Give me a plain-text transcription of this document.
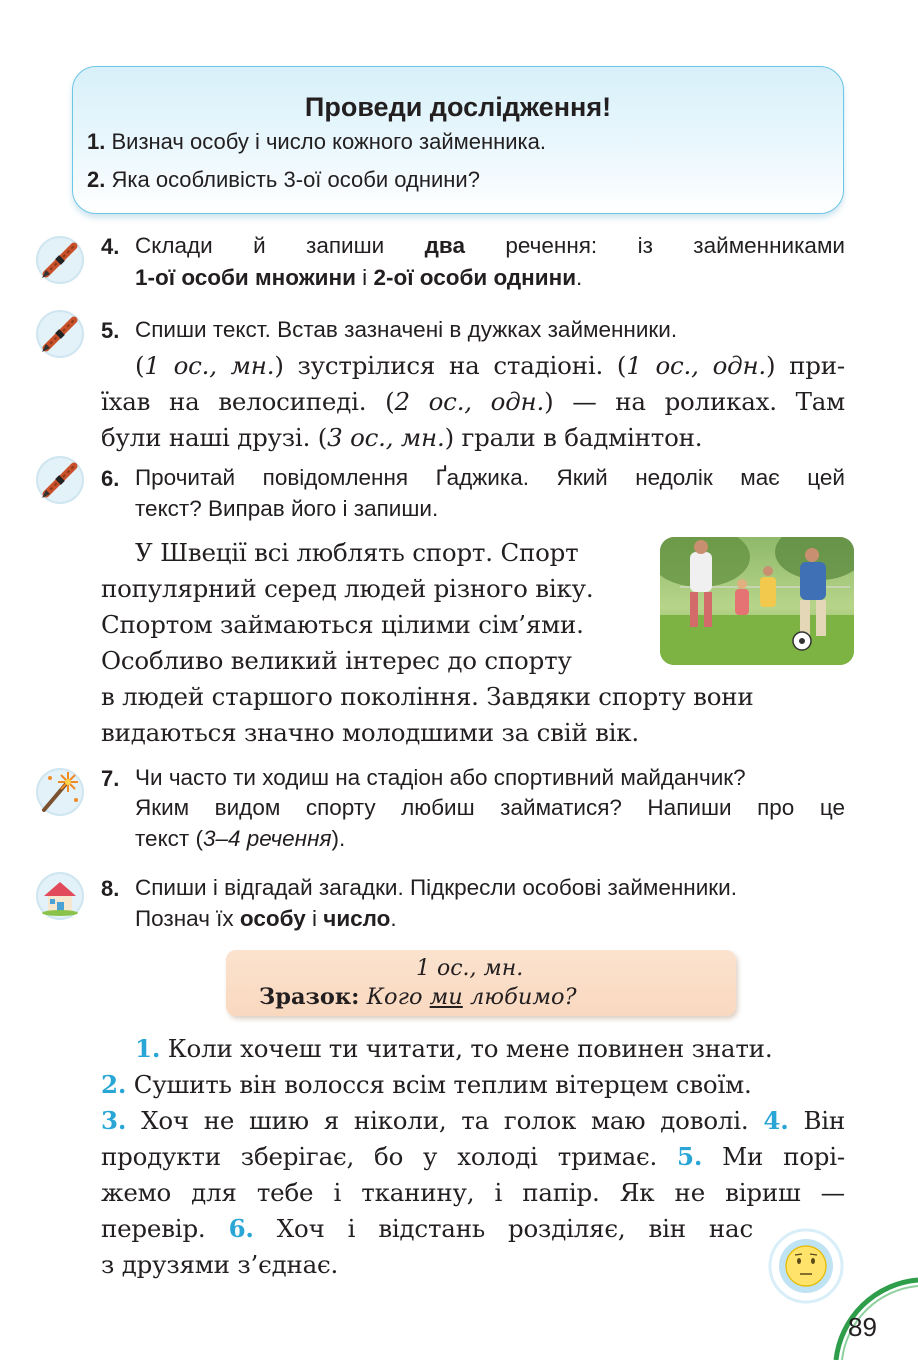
Проведи дослідження!
1. Визнач особу і число кожного займенника.
2. Яка особливість 3-ої особи однини?
4. Склади й запиши два речення: із займенниками
1-ої особи множини і 2-ої особи однини.
5. Спиши текст. Встав зазначені в дужках займенники.
(1 ос., мн.) зустрілися на стадіоні. (1 ос., одн.) при-
їхав на велосипеді. (2 ос., одн.) — на роликах. Там
були наші друзі. (3 ос., мн.) грали в бадмінтон.
6. Прочитай повідомлення Ґаджика. Який недолік має цей
текст? Виправ його і запиши.
У Швеції всі люблять спорт. Спорт
популярний серед людей різного віку.
Спортом займаються цілими сім’ями.
Особливо великий інтерес до спорту
в людей старшого покоління. Завдяки спорту вони
видаються значно молодшими за свій вік.
7. Чи часто ти ходиш на стадіон або спортивний майданчик?
Яким видом спорту любиш займатися? Напиши про це
текст (3–4 речення).
8. Спиши і відгадай загадки. Підкресли особові займенники.
Познач їх особу і число.
1 ос., мн.
Зразок: Кого ми любимо?
1. Коли хочеш ти читати, то мене повинен знати.
2. Сушить він волосся всім теплим вітерцем своїм.
3. Хоч не шию я ніколи, та голок маю доволі. 4. Він
продукти зберігає, бо у холоді тримає. 5. Ми порі-
жемо для тебе і тканину, і папір. Як не віриш —
перевір. 6. Хоч і відстань розділяє, він нас
з друзями з’єднає.
89
